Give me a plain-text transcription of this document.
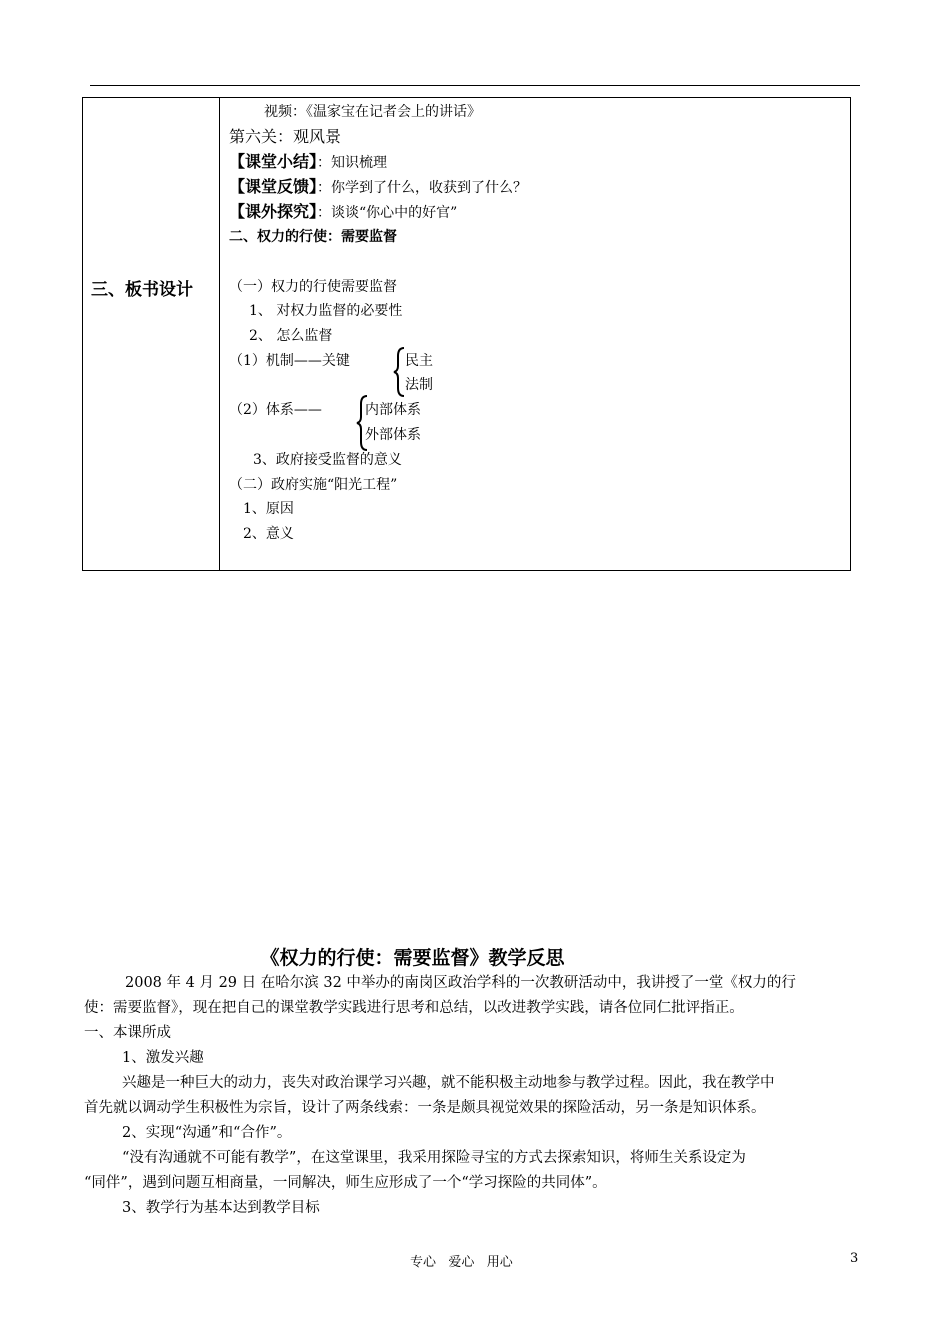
三、板书设计
视频：《温家宝在记者会上的讲话》
第六关：观风景
【课堂小结】：知识梳理
【课堂反馈】：你学到了什么，收获到了什么？
【课外探究】：谈谈“你心中的好官”
二、权力的行使：需要监督
（一）权力的行使需要监督
1、 对权力监督的必要性
2、 怎么监督
（1）机制——关键	民主
法制
（2）体系——	内部体系
外部体系
3、政府接受监督的意义
（二）政府实施“阳光工程”
1、原因
2、意义
《权力的行使：需要监督》教学反思
2008 年 4 月 29 日 在哈尔滨 32 中举办的南岗区政治学科的一次教研活动中，我讲授了一堂《权力的行
使：需要监督》，现在把自己的课堂教学实践进行思考和总结，以改进教学实践，请各位同仁批评指正。
一、本课所成
1、激发兴趣
兴趣是一种巨大的动力，丧失对政治课学习兴趣，就不能积极主动地参与教学过程。因此，我在教学中
首先就以调动学生积极性为宗旨，设计了两条线索：一条是颇具视觉效果的探险活动，另一条是知识体系。
2、实现“沟通”和“合作”。
“没有沟通就不可能有教学”，在这堂课里，我采用探险寻宝的方式去探索知识，将师生关系设定为
“同伴”，遇到问题互相商量，一同解决，师生应形成了一个“学习探险的共同体”。
3、教学行为基本达到教学目标
专心   爱心   用心	3
